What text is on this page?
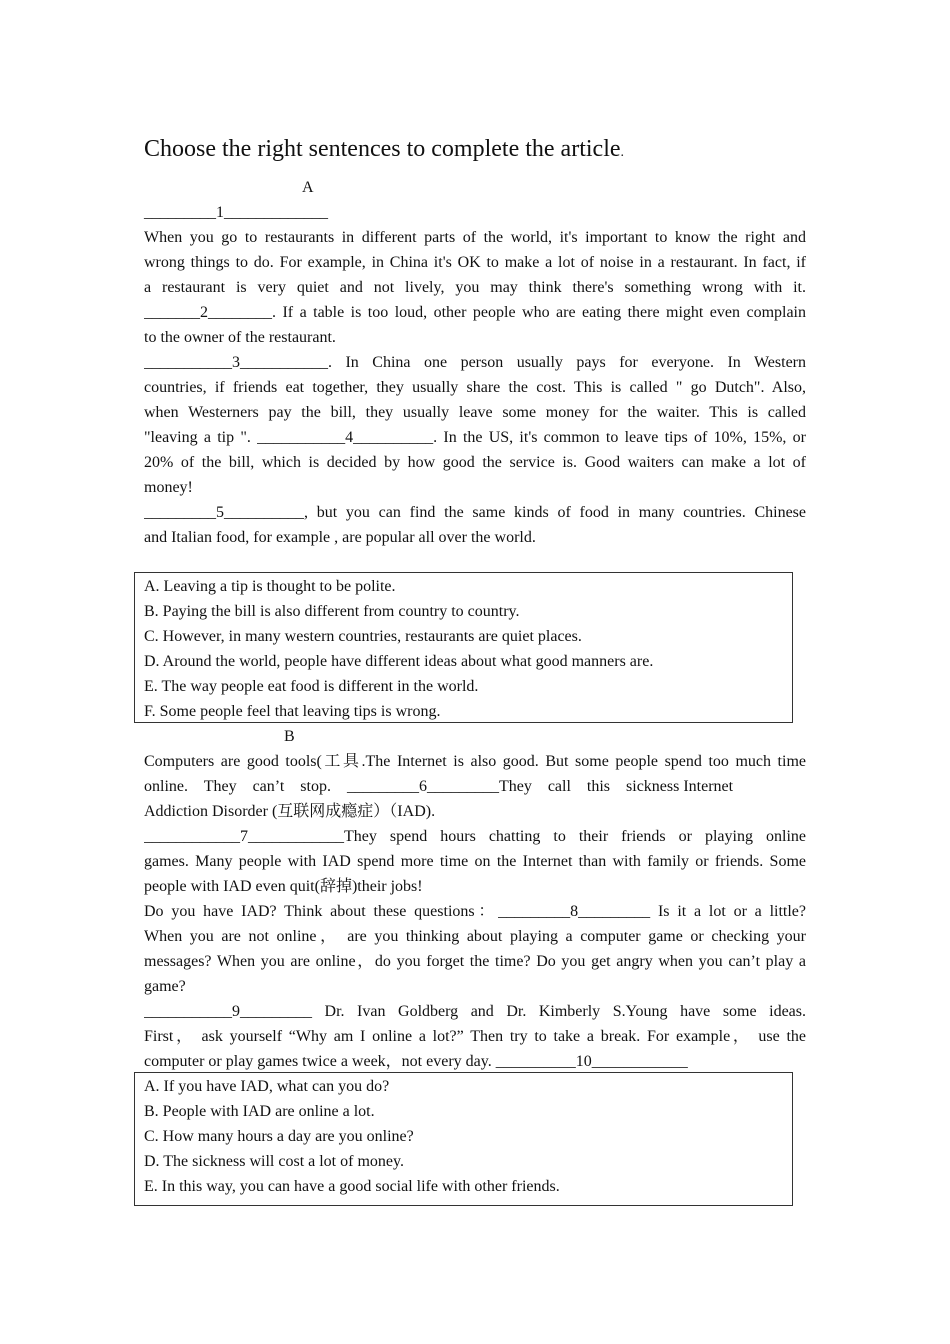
Choose the right sentences to complete the article.
A
_________1_____________
When you go to restaurants in different parts of the world, it's important to know the right and
wrong things to do. For example, in China it's OK to make a lot of noise in a restaurant. In fact, if
a restaurant is very quiet and not lively, you may think there's something wrong with it.
_______2________. If a table is too loud, other people who are eating there might even complain
to the owner of the restaurant.
___________3___________. In China one person usually pays for everyone. In Western
countries, if friends eat together, they usually share the cost. This is called " go Dutch". Also,
when Westerners pay the bill, they usually leave some money for the waiter. This is called
"leaving a tip ". ___________4__________. In the US, it's common to leave tips of 10%, 15%, or
20% of the bill, which is decided by how good the service is. Good waiters can make a lot of
money!
_________5__________, but you can find the same kinds of food in many countries. Chinese
and Italian food, for example , are popular all over the world.
A. Leaving a tip is thought to be polite.
B. Paying the bill is also different from country to country.
C. However, in many western countries, restaurants are quiet places.
D. Around the world, people have different ideas about what good manners are.
E. The way people eat food is different in the world.
F. Some people feel that leaving tips is wrong.
B
Computers are good tools(工具.The Internet is also good. But some people spend too much time
online.    They    can’t    stop.    _________6_________They    call    this    sickness Internet
Addiction Disorder (互联网成瘾症）（IAD).
____________7____________They spend hours chatting to their friends or playing online
games. Many people with IAD spend more time on the Internet than with family or friends. Some
people with IAD even quit(辞掉)their jobs!
Do you have IAD? Think about these questions：_________8_________ Is it a lot or a little?
When you are not online， are you thinking about playing a computer game or checking your
messages? When you are online，do you forget the time? Do you get angry when you can’t play a
game?
___________9_________ Dr. Ivan Goldberg and Dr. Kimberly S.Young have some ideas.
First， ask yourself “Why am I online a lot?” Then try to take a break. For example， use the
computer or play games twice a week，not every day. __________10____________
A. If you have IAD, what can you do?
B. People with IAD are online a lot.
C. How many hours a day are you online?
D. The sickness will cost a lot of money.
E. In this way, you can have a good social life with other friends.
